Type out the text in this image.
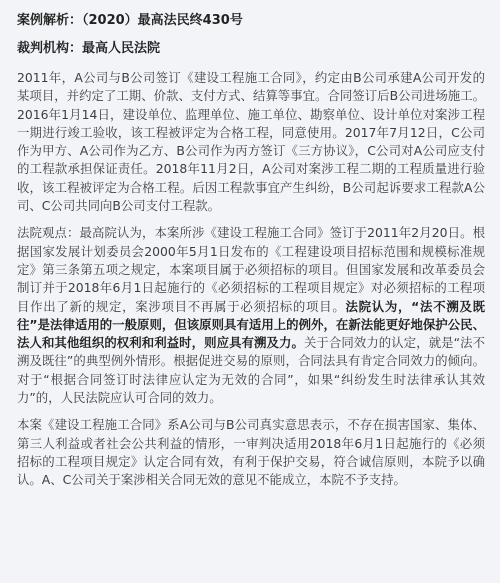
案例解析：（2020）最高法民终430号
裁判机构：最高人民法院

2011年，A公司与B公司签订《建设工程施工合同》，约定由B公司承建A公司开发的某项目，并约定了工期、价款、支付方式、结算等事宜。合同签订后B公司进场施工。2016年1月14日，建设单位、监理单位、施工单位、勘察单位、设计单位对案涉工程一期进行竣工验收，该工程被评定为合格工程，同意使用。2017年7月12日，C公司作为甲方、A公司作为乙方、B公司作为丙方签订《三方协议》，C公司对A公司应支付的工程款承担保证责任。2018年11月2日，A公司对案涉工程二期的工程质量进行验收，该工程被评定为合格工程。后因工程款事宜产生纠纷，B公司起诉要求工程款A公司、C公司共同向B公司支付工程款。

法院观点：最高院认为，本案所涉《建设工程施工合同》签订于2011年2月20日。根据国家发展计划委员会2000年5月1日发布的《工程建设项目招标范围和规模标准规定》第三条第五项之规定，本案项目属于必须招标的项目。但国家发展和改革委员会制订并于2018年6月1日起施行的《必须招标的工程项目规定》对必须招标的工程项目作出了新的规定，案涉项目不再属于必须招标的项目。法院认为，“法不溯及既往”是法律适用的一般原则，但该原则具有适用上的例外，在新法能更好地保护公民、法人和其他组织的权利和利益时，则应具有溯及力。关于合同效力的认定，就是“法不溯及既往”的典型例外情形。根据促进交易的原则，合同法具有肯定合同效力的倾向。对于“根据合同签订时法律应认定为无效的合同”，如果“纠纷发生时法律承认其效力”的，人民法院应认可合同的效力。

本案《建设工程施工合同》系A公司与B公司真实意思表示，不存在损害国家、集体、第三人利益或者社会公共利益的情形，一审判决适用2018年6月1日起施行的《必须招标的工程项目规定》认定合同有效，有利于保护交易，符合诚信原则，本院予以确认。A、C公司关于案涉相关合同无效的意见不能成立，本院不予支持。
